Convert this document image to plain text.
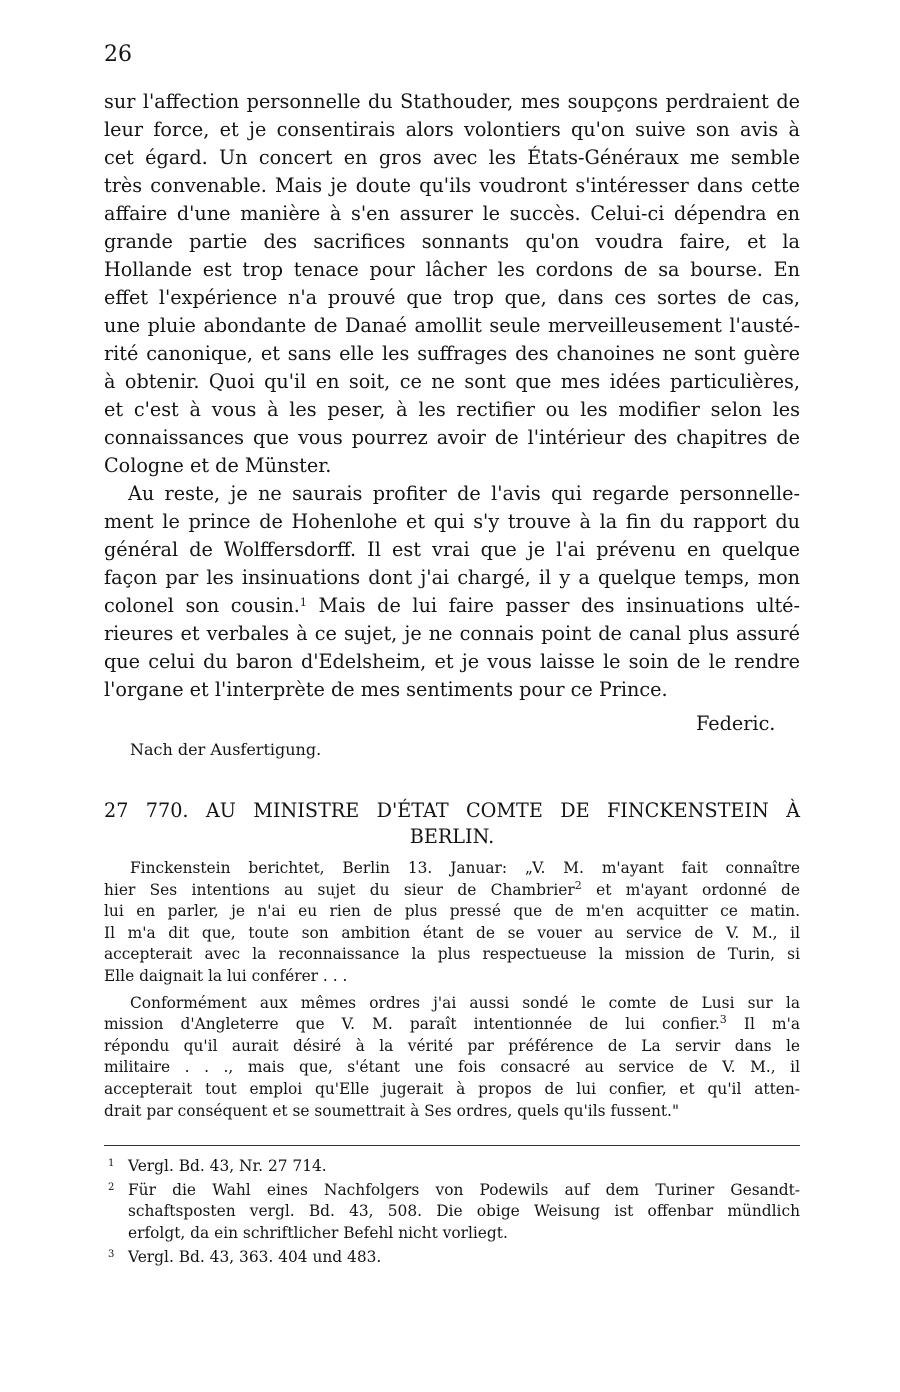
26

sur l'affection personnelle du Stathouder, mes soupçons perdraient de

leur force, et je consentirais alors volontiers qu'on suive son avis à

cet égard. Un concert en gros avec les États-Généraux me semble

très convenable. Mais je doute qu'ils voudront s'intéresser dans cette

affaire d'une manière à s'en assurer le succès. Celui-ci dépendra en

grande partie des sacrifices sonnants qu'on voudra faire, et la

Hollande est trop tenace pour lâcher les cordons de sa bourse. En

effet l'expérience n'a prouvé que trop que, dans ces sortes de cas,

une pluie abondante de Danaé amollit seule merveilleusement l'austé-

rité canonique, et sans elle les suffrages des chanoines ne sont guère

à obtenir. Quoi qu'il en soit, ce ne sont que mes idées particulières,

et c'est à vous à les peser, à les rectifier ou les modifier selon les

connaissances que vous pourrez avoir de l'intérieur des chapitres de

Cologne et de Münster.

Au reste, je ne saurais profiter de l'avis qui regarde personnelle-

ment le prince de Hohenlohe et qui s'y trouve à la fin du rapport du

général de Wolffersdorff. Il est vrai que je l'ai prévenu en quelque

façon par les insinuations dont j'ai chargé, il y a quelque temps, mon

colonel son cousin.$^1$ Mais de lui faire passer des insinuations ulté-

rieures et verbales à ce sujet, je ne connais point de canal plus assuré

que celui du baron d'Edelsheim, et je vous laisse le soin de le rendre

l'organe et l'interprète de mes sentiments pour ce Prince.

Federic.
Nach der Ausfertigung.
27 770. AU MINISTRE D'ÉTAT COMTE DE FINCKENSTEIN À
BERLIN.

Finckenstein berichtet, Berlin 13. Januar: „V. M. m'ayant fait connaître

hier Ses intentions au sujet du sieur de Chambrier$^2$ et m'ayant ordonné de

lui en parler, je n'ai eu rien de plus pressé que de m'en acquitter ce matin.

Il m'a dit que, toute son ambition étant de se vouer au service de V. M., il

accepterait avec la reconnaissance la plus respectueuse la mission de Turin, si

Elle daignait la lui conférer . . .

Conformément aux mêmes ordres j'ai aussi sondé le comte de Lusi sur la

mission d'Angleterre que V. M. paraît intentionnée de lui confier.$^3$ Il m'a

répondu qu'il aurait désiré à la vérité par préférence de La servir dans le

militaire . . ., mais que, s'étant une fois consacré au service de V. M., il

accepterait tout emploi qu'Elle jugerait à propos de lui confier, et qu'il atten-

drait par conséquent et se soumettrait à Ses ordres, quels qu'ils fussent."

1 Vergl. Bd. 43, Nr. 27 714.

2 Für die Wahl eines Nachfolgers von Podewils auf dem Turiner Gesandt-

schaftsposten vergl. Bd. 43, 508. Die obige Weisung ist offenbar mündlich

erfolgt, da ein schriftlicher Befehl nicht vorliegt.

3 Vergl. Bd. 43, 363. 404 und 483.
